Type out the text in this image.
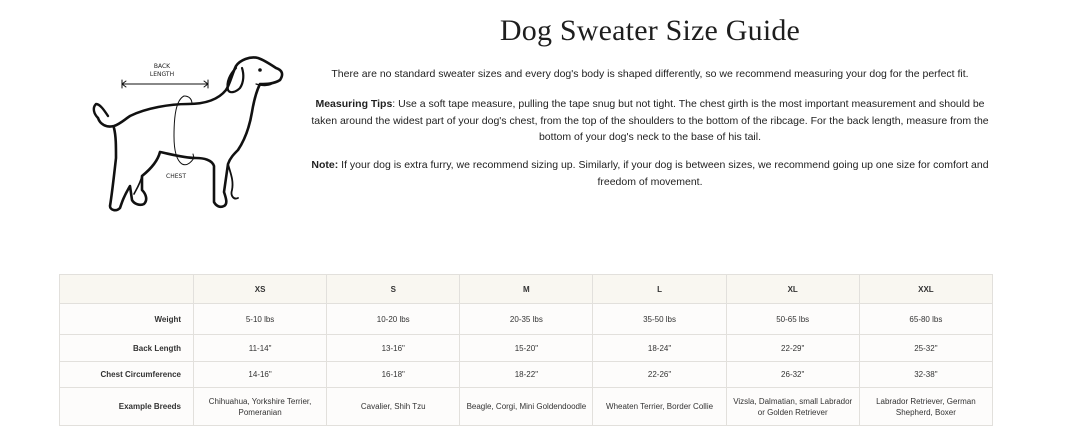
BACK
LENGTH
CHEST
Dog Sweater Size Guide

There are no standard sweater sizes and every dog's body is shaped differently, so we recommend measuring your dog for the perfect fit.

Measuring Tips: Use a soft tape measure, pulling the tape snug but not tight. The chest girth is the most important measurement and should be taken around the widest part of your dog's chest, from the top of the shoulders to the bottom of the ribcage. For the back length, measure from the bottom of your dog's neck to the base of his tail.

Note: If your dog is extra furry, we recommend sizing up. Similarly, if your dog is between sizes, we recommend going up one size for comfort and freedom of movement.

	XS	S	M	L	XL	XXL
Weight	5-10 lbs	10-20 lbs	20-35 lbs	35-50 lbs	50-65 lbs	65-80 lbs
Back Length	11-14"	13-16"	15-20"	18-24"	22-29"	25-32"
Chest Circumference	14-16"	16-18"	18-22"	22-26"	26-32"	32-38"
Example Breeds	Chihuahua, Yorkshire Terrier, Pomeranian	Cavalier, Shih Tzu	Beagle, Corgi, Mini Goldendoodle	Wheaten Terrier, Border Collie	Vizsla, Dalmatian, small Labrador or Golden Retriever	Labrador Retriever, German Shepherd, Boxer
